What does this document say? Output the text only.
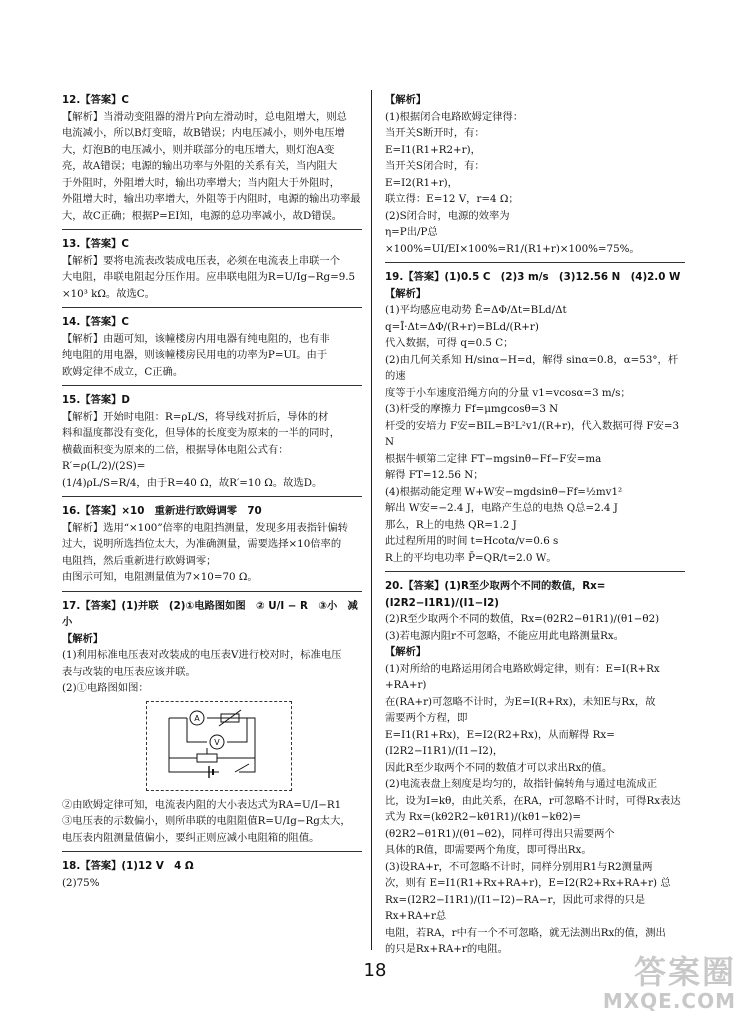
12.【答案】C
【解析】当滑动变阻器的滑片P向左滑动时，总电阻增大，则总
电流减小，所以B灯变暗，故B错误；内电压减小，则外电压增
大，灯泡B的电压减小，则并联部分的电压增大，则灯泡A变
亮，故A错误；电源的输出功率与外阻的关系有关，当内阻大
于外阻时，外阻增大时，输出功率增大；当内阻大于外阻时，
外阻增大时，输出功率增大，外阻等于内阻时，电源的输出功率最
大，故C正确；根据P=EI知，电源的总功率减小，故D错误。
13.【答案】C
【解析】要将电流表改装成电压表，必须在电流表上串联一个
大电阻，串联电阻起分压作用。应串联电阻为R=U/Ig−Rg=9.5
×10³ kΩ。故选C。
14.【答案】C
【解析】由题可知，该幢楼房内用电器有纯电阻的，也有非
纯电阻的用电器，则该幢楼房民用电的功率为P=UI。由于
欧姆定律不成立，C正确。
15.【答案】D
【解析】开始时电阻：R=ρL/S，将导线对折后，导体的材
料和温度都没有变化，但导体的长度变为原来的一半的同时，
横截面积变为原来的二倍，根据导体电阻公式有：R′=ρ(L/2)/(2S)=
(1/4)ρL/S=R/4，由于R=40 Ω，故R′=10 Ω。故选D。
16.【答案】×10　重新进行欧姆调零　70
【解析】选用“×100”倍率的电阻挡测量，发现多用表指针偏转
过大，说明所选挡位太大，为准确测量，需要选择×10倍率的
电阻挡，然后重新进行欧姆调零；
由图示可知，电阻测量值为7×10=70 Ω。
17.【答案】(1)并联　(2)①电路图如图　② U/I − R　③小　减小
【解析】
(1)利用标准电压表对改装成的电压表V进行校对时，标准电压
表与改装的电压表应该并联。
(2)①电路图如图：
A
V
②由欧姆定律可知，电流表内阻的大小表达式为RA=U/I−R1
③电压表的示数偏小，则所串联的电阻阻值R=U/Ig−Rg太大，
电压表内阻测量值偏小，要纠正则应减小电阻箱的阻值。
18.【答案】(1)12 V　4 Ω
(2)75%
【解析】
(1)根据闭合电路欧姆定律得：
当开关S断开时，有：
E=I1(R1+R2+r)，
当开关S闭合时，有：
E=I2(R1+r)，
联立得：E=12 V，r=4 Ω；
(2)S闭合时，电源的效率为
η=P出/P总×100%=UI/EI×100%=R1/(R1+r)×100%=75%。
19.【答案】(1)0.5 C　(2)3 m/s　(3)12.56 N　(4)2.0 W
【解析】
(1)平均感应电动势 Ē=ΔΦ/Δt=BLd/Δt
q=Ī·Δt=ΔΦ/(R+r)=BLd/(R+r)
代入数据，可得 q=0.5 C；
(2)由几何关系知 H/sinα−H=d，解得 sinα=0.8，α=53°，杆的速
度等于小车速度沿绳方向的分量 v1=vcosα=3 m/s；
(3)杆受的摩擦力 Ff=μmgcosθ=3 N
杆受的安培力 F安=BIL=B²L²v1/(R+r)，代入数据可得 F安=3 N
根据牛顿第二定律 FT−mgsinθ−Ff−F安=ma
解得 FT=12.56 N；
(4)根据动能定理 W+W安−mgdsinθ−Ff=½mv1²
解出 W安=−2.4 J，电路产生总的电热 Q总=2.4 J
那么，R上的电热 QR=1.2 J
此过程所用的时间 t=Hcotα/v=0.6 s
R上的平均电功率 P̄=QR/t=2.0 W。
20.【答案】(1)R至少取两个不同的数值，Rx=(I2R2−I1R1)/(I1−I2)
(2)R至少取两个不同的数值，Rx=(θ2R2−θ1R1)/(θ1−θ2)
(3)若电源内阻r不可忽略，不能应用此电路测量Rx。
【解析】
(1)对所给的电路运用闭合电路欧姆定律，则有：E=I(R+Rx
+RA+r)
在(RA+r)可忽略不计时，为E=I(R+Rx)，未知E与Rx，故
需要两个方程，即
E=I1(R1+Rx)，E=I2(R2+Rx)，从而解得 Rx=(I2R2−I1R1)/(I1−I2)，
因此R至少取两个不同的数值才可以求出Rx的值。
(2)电流表盘上刻度是均匀的，故指针偏转角与通过电流成正
比，设为I=kθ，由此关系，在RA，r可忽略不计时，可得Rx表达
式为 Rx=(kθ2R2−kθ1R1)/(kθ1−kθ2)=(θ2R2−θ1R1)/(θ1−θ2)，同样可得出只需要两个
具体的R值，即需要两个角度，即可得出Rx。
(3)设RA+r，不可忽略不计时，同样分别用R1与R2测量两
次，则有 E=I1(R1+Rx+RA+r)，E=I2(R2+Rx+RA+r) 总
Rx=(I2R2−I1R1)/(I1−I2)−RA−r，因此可求得的只是Rx+RA+r总
电阻，若RA，r中有一个不可忽略，就无法测出Rx的值，测出
的只是Rx+RA+r的电阻。
18	答案圈
MXQE.COM
